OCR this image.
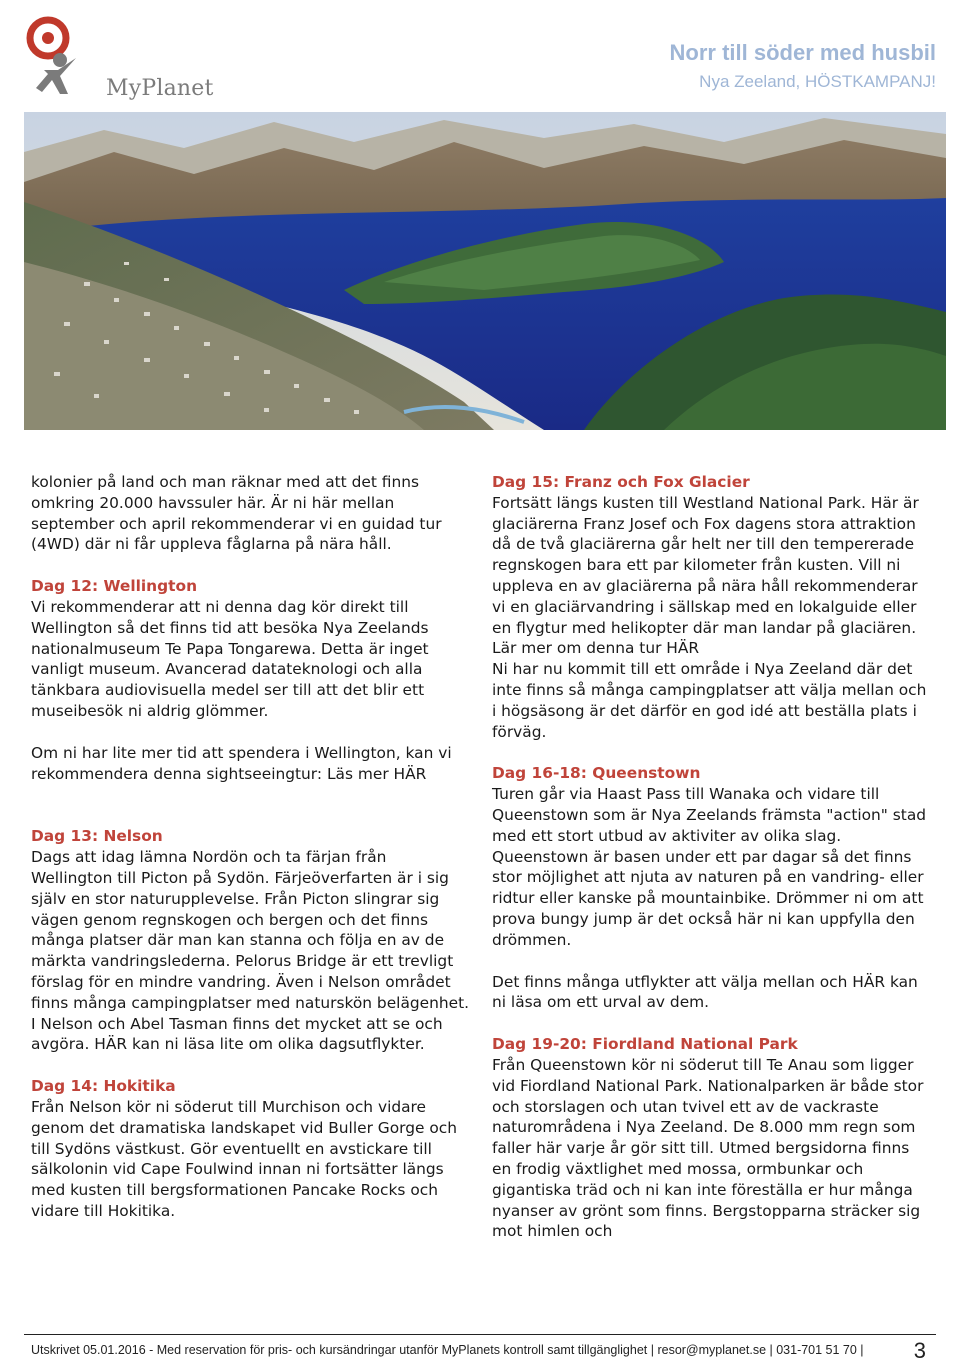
MyPlanet
Norr till söder med husbil
Nya Zeeland, HÖSTKAMPANJ!

kolonier på land och man räknar med att det finns omkring 20.000 havssuler här. Är ni här mellan september och april rekommenderar vi en guidad tur (4WD) där ni får uppleva fåglarna på nära håll.

Dag 12: Wellington

Vi rekommenderar att ni denna dag kör direkt till Wellington så det finns tid att besöka Nya Zeelands nationalmuseum Te Papa Tongarewa. Detta är inget vanligt museum. Avancerad datateknologi och alla tänkbara audiovisuella medel ser till att det blir ett museibesök ni aldrig glömmer.

Om ni har lite mer tid att spendera i Wellington, kan vi rekommendera denna sightseeingtur: Läs mer HÄR

Dag 13: Nelson

Dags att idag lämna Nordön och ta färjan från Wellington till Picton på Sydön. Färjeöverfarten är i sig själv en stor naturupplevelse. Från Picton slingrar sig vägen genom regnskogen och bergen och det finns många platser där man kan stanna och följa en av de märkta vandringslederna. Pelorus Bridge är ett trevligt förslag för en mindre vandring. Även i Nelson området finns många campingplatser med naturskön belägenhet. I Nelson och Abel Tasman finns det mycket att se och avgöra. HÄR kan ni läsa lite om olika dagsutflykter.

Dag 14: Hokitika

Från Nelson kör ni söderut till Murchison och vidare genom det dramatiska landskapet vid Buller Gorge och till Sydöns västkust. Gör eventuellt en avstickare till sälkolonin vid Cape Foulwind innan ni fortsätter längs med kusten till bergsformationen Pancake Rocks och vidare till Hokitika.

Dag 15: Franz och Fox Glacier

Fortsätt längs kusten till Westland National Park. Här är glaciärerna Franz Josef och Fox dagens stora attraktion då de två glaciärerna går helt ner till den tempererade regnskogen bara ett par kilometer från kusten. Vill ni uppleva en av glaciärerna på nära håll rekommenderar vi en glaciärvandring i sällskap med en lokalguide eller en flygtur med helikopter där man landar på glaciären. Lär mer om denna tur HÄR

Ni har nu kommit till ett område i Nya Zeeland där det inte finns så många campingplatser att välja mellan och i högsäsong är det därför en god idé att beställa plats i förväg.

Dag 16-18: Queenstown

Turen går via Haast Pass till Wanaka och vidare till Queenstown som är Nya Zeelands främsta "action" stad med ett stort utbud av aktiviter av olika slag. Queenstown är basen under ett par dagar så det finns stor möjlighet att njuta av naturen på en vandring- eller ridtur eller kanske på mountainbike. Drömmer ni om att prova bungy jump är det också här ni kan uppfylla den drömmen.

Det finns många utflykter att välja mellan och HÄR kan ni läsa om ett urval av dem.

Dag 19-20: Fiordland National Park

Från Queenstown kör ni söderut till Te Anau som ligger vid Fiordland National Park. Nationalparken är både stor och storslagen och utan tvivel ett av de vackraste naturområdena i Nya Zeeland. De 8.000 mm regn som faller här varje år gör sitt till. Utmed bergsidorna finns en frodig växtlighet med mossa, ormbunkar och gigantiska träd och ni kan inte föreställa er hur många nyanser av grönt som finns. Bergstopparna sträcker sig mot himlen och

Utskrivet 05.01.2016 - Med reservation för pris- och kursändringar utanför MyPlanets kontroll samt tillgänglighet | resor@myplanet.se | 031-701 51 70 | 3
